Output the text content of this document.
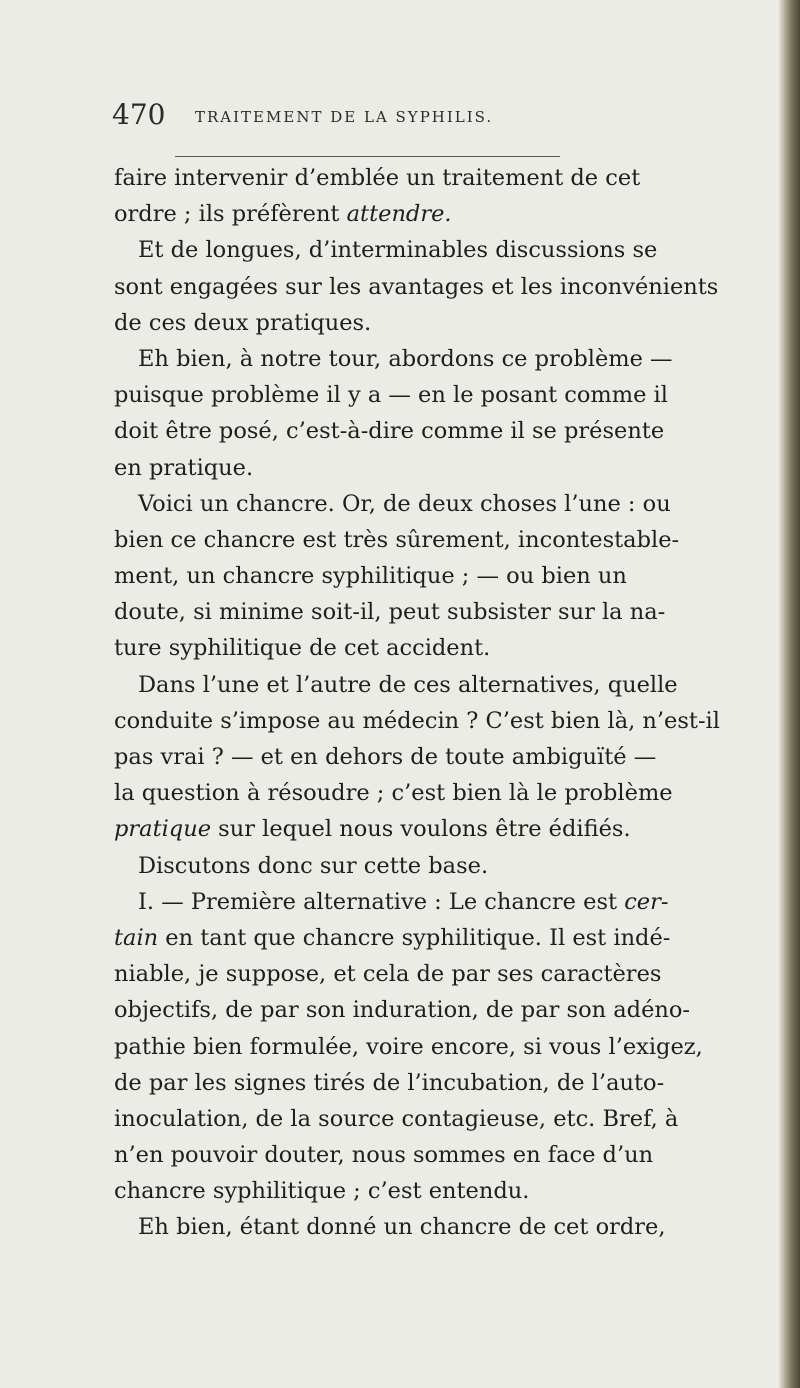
470 TRAITEMENT DE LA SYPHILIS.
faire intervenir d’emblée un traitement de cet
ordre ; ils préfèrent attendre.
Et de longues, d’interminables discussions se
sont engagées sur les avantages et les inconvénients
de ces deux pratiques.
Eh bien, à notre tour, abordons ce problème —
puisque problème il y a — en le posant comme il
doit être posé, c’est-à-dire comme il se présente
en pratique.
Voici un chancre. Or, de deux choses l’une : ou
bien ce chancre est très sûrement, incontestable-
ment, un chancre syphilitique ; — ou bien un
doute, si minime soit-il, peut subsister sur la na-
ture syphilitique de cet accident.
Dans l’une et l’autre de ces alternatives, quelle
conduite s’impose au médecin ? C’est bien là, n’est-il
pas vrai ? — et en dehors de toute ambiguïté —
la question à résoudre ; c’est bien là le problème
pratique sur lequel nous voulons être édifiés.
Discutons donc sur cette base.
I. — Première alternative : Le chancre est cer-
tain en tant que chancre syphilitique. Il est indé-
niable, je suppose, et cela de par ses caractères
objectifs, de par son induration, de par son adéno-
pathie bien formulée, voire encore, si vous l’exigez,
de par les signes tirés de l’incubation, de l’auto-
inoculation, de la source contagieuse, etc. Bref, à
n’en pouvoir douter, nous sommes en face d’un
chancre syphilitique ; c’est entendu.
Eh bien, étant donné un chancre de cet ordre,
